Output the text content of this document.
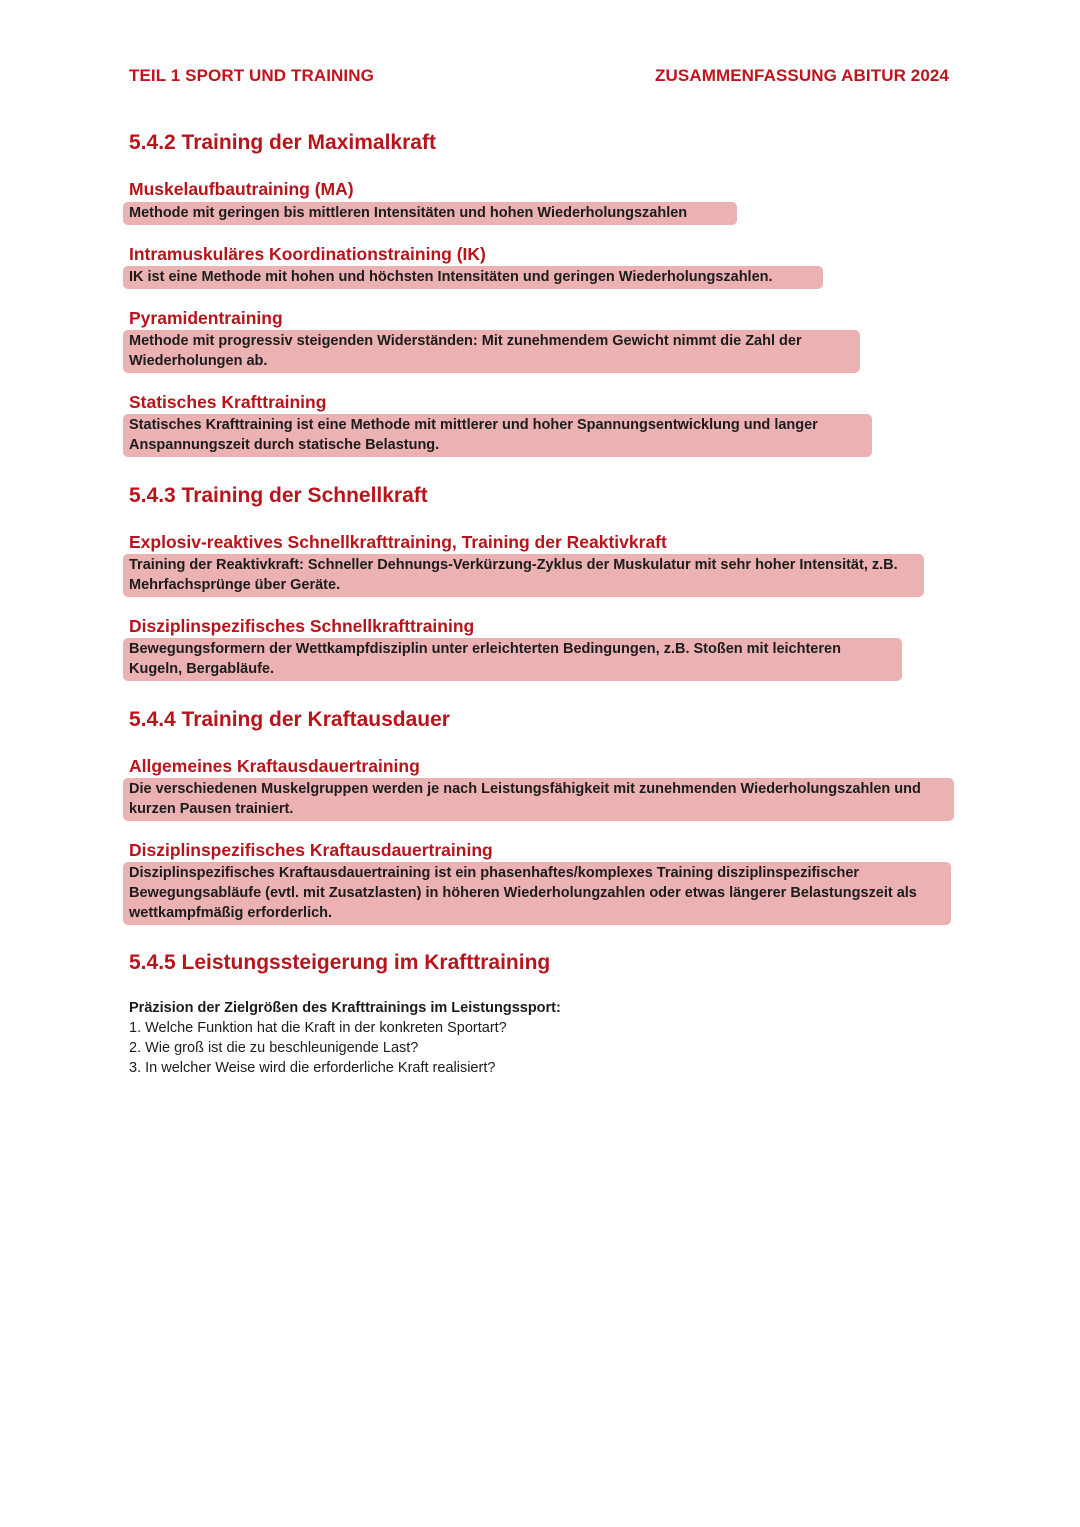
TEIL 1 SPORT UND TRAINING	ZUSAMMENFASSUNG ABITUR 2024
5.4.2 Training der Maximalkraft
Muskelaufbautraining (MA)
Methode mit geringen bis mittleren Intensitäten und hohen Wiederholungszahlen
Intramuskuläres Koordinationstraining (IK)
IK ist eine Methode mit hohen und höchsten Intensitäten und geringen Wiederholungszahlen.
Pyramidentraining
Methode mit progressiv steigenden Widerständen: Mit zunehmendem Gewicht nimmt die Zahl der Wiederholungen ab.
Statisches Krafttraining
Statisches Krafttraining ist eine Methode mit mittlerer und hoher Spannungsentwicklung und langer Anspannungszeit durch statische Belastung.
5.4.3 Training der Schnellkraft
Explosiv-reaktives Schnellkrafttraining, Training der Reaktivkraft
Training der Reaktivkraft: Schneller Dehnungs-Verkürzung-Zyklus der Muskulatur mit sehr hoher Intensität, z.B. Mehrfachsprünge über Geräte.
Disziplinspezifisches Schnellkrafttraining
Bewegungsformern der Wettkampfdisziplin unter erleichterten Bedingungen, z.B. Stoßen mit leichteren Kugeln, Bergabläufe.
5.4.4 Training der Kraftausdauer
Allgemeines Kraftausdauertraining
Die verschiedenen Muskelgruppen werden je nach Leistungsfähigkeit mit zunehmenden Wiederholungszahlen und kurzen Pausen trainiert.
Disziplinspezifisches Kraftausdauertraining
Disziplinspezifisches Kraftausdauertraining ist ein phasenhaftes/komplexes Training disziplinspezifischer Bewegungsabläufe (evtl. mit Zusatzlasten) in höheren Wiederholungzahlen oder etwas längerer Belastungszeit als wettkampfmäßig erforderlich.
5.4.5 Leistungssteigerung im Krafttraining
Präzision der Zielgrößen des Krafttrainings im Leistungssport:
1. Welche Funktion hat die Kraft in der konkreten Sportart?
2. Wie groß ist die zu beschleunigende Last?
3. In welcher Weise wird die erforderliche Kraft realisiert?
